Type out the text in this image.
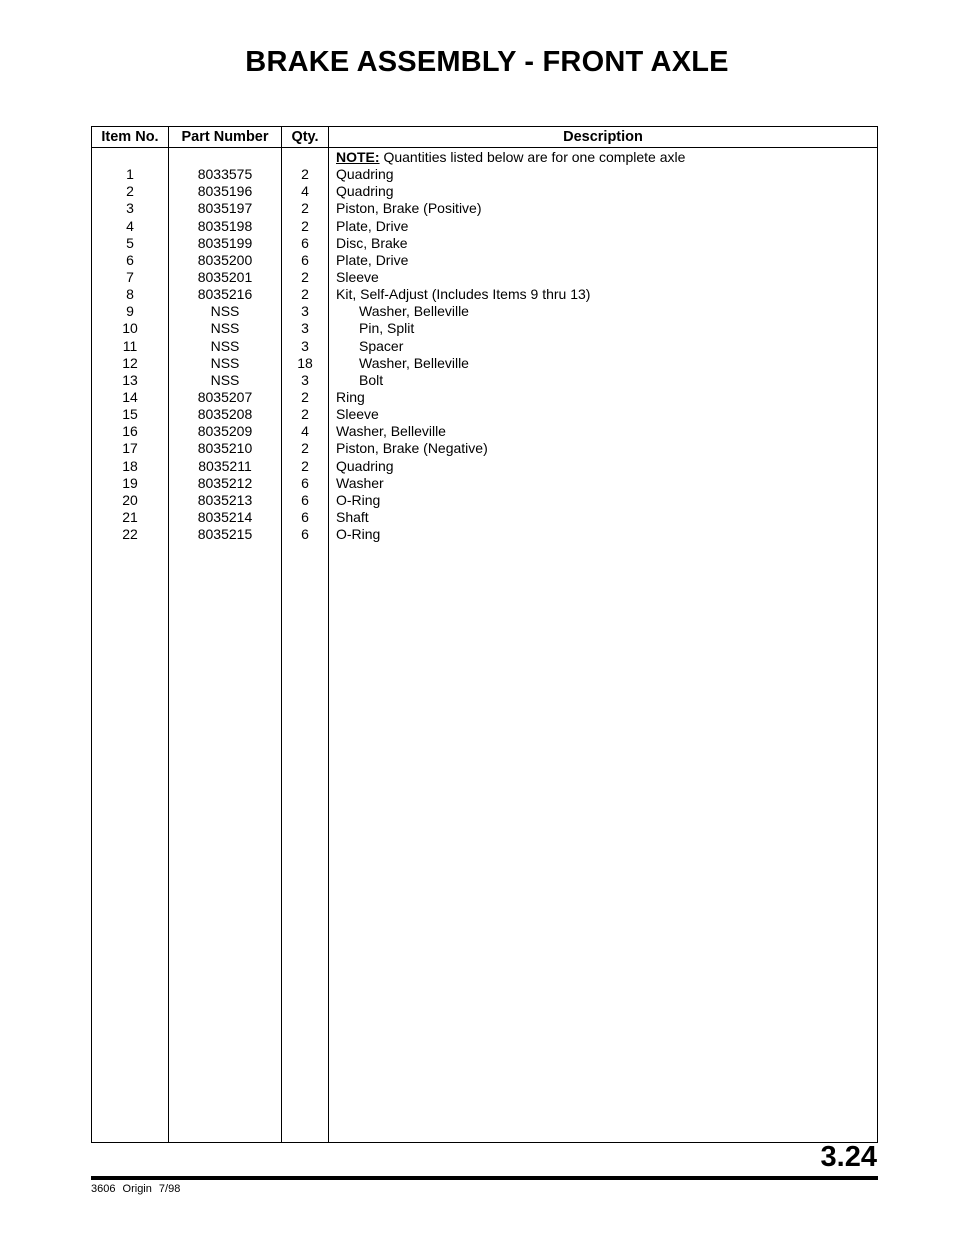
BRAKE ASSEMBLY - FRONT AXLE
Item No.	Part Number	Qty.	Description
NOTE: Quantities listed below are for one complete axle
1	8033575	2	Quadring
2	8035196	4	Quadring
3	8035197	2	Piston, Brake (Positive)
4	8035198	2	Plate, Drive
5	8035199	6	Disc, Brake
6	8035200	6	Plate, Drive
7	8035201	2	Sleeve
8	8035216	2	Kit, Self-Adjust (Includes Items 9 thru 13)
9	NSS	3	Washer, Belleville
10	NSS	3	Pin, Split
11	NSS	3	Spacer
12	NSS	18	Washer, Belleville
13	NSS	3	Bolt
14	8035207	2	Ring
15	8035208	2	Sleeve
16	8035209	4	Washer, Belleville
17	8035210	2	Piston, Brake (Negative)
18	8035211	2	Quadring
19	8035212	6	Washer
20	8035213	6	O-Ring
21	8035214	6	Shaft
22	8035215	6	O-Ring
3.24
3606 Origin 7/98
